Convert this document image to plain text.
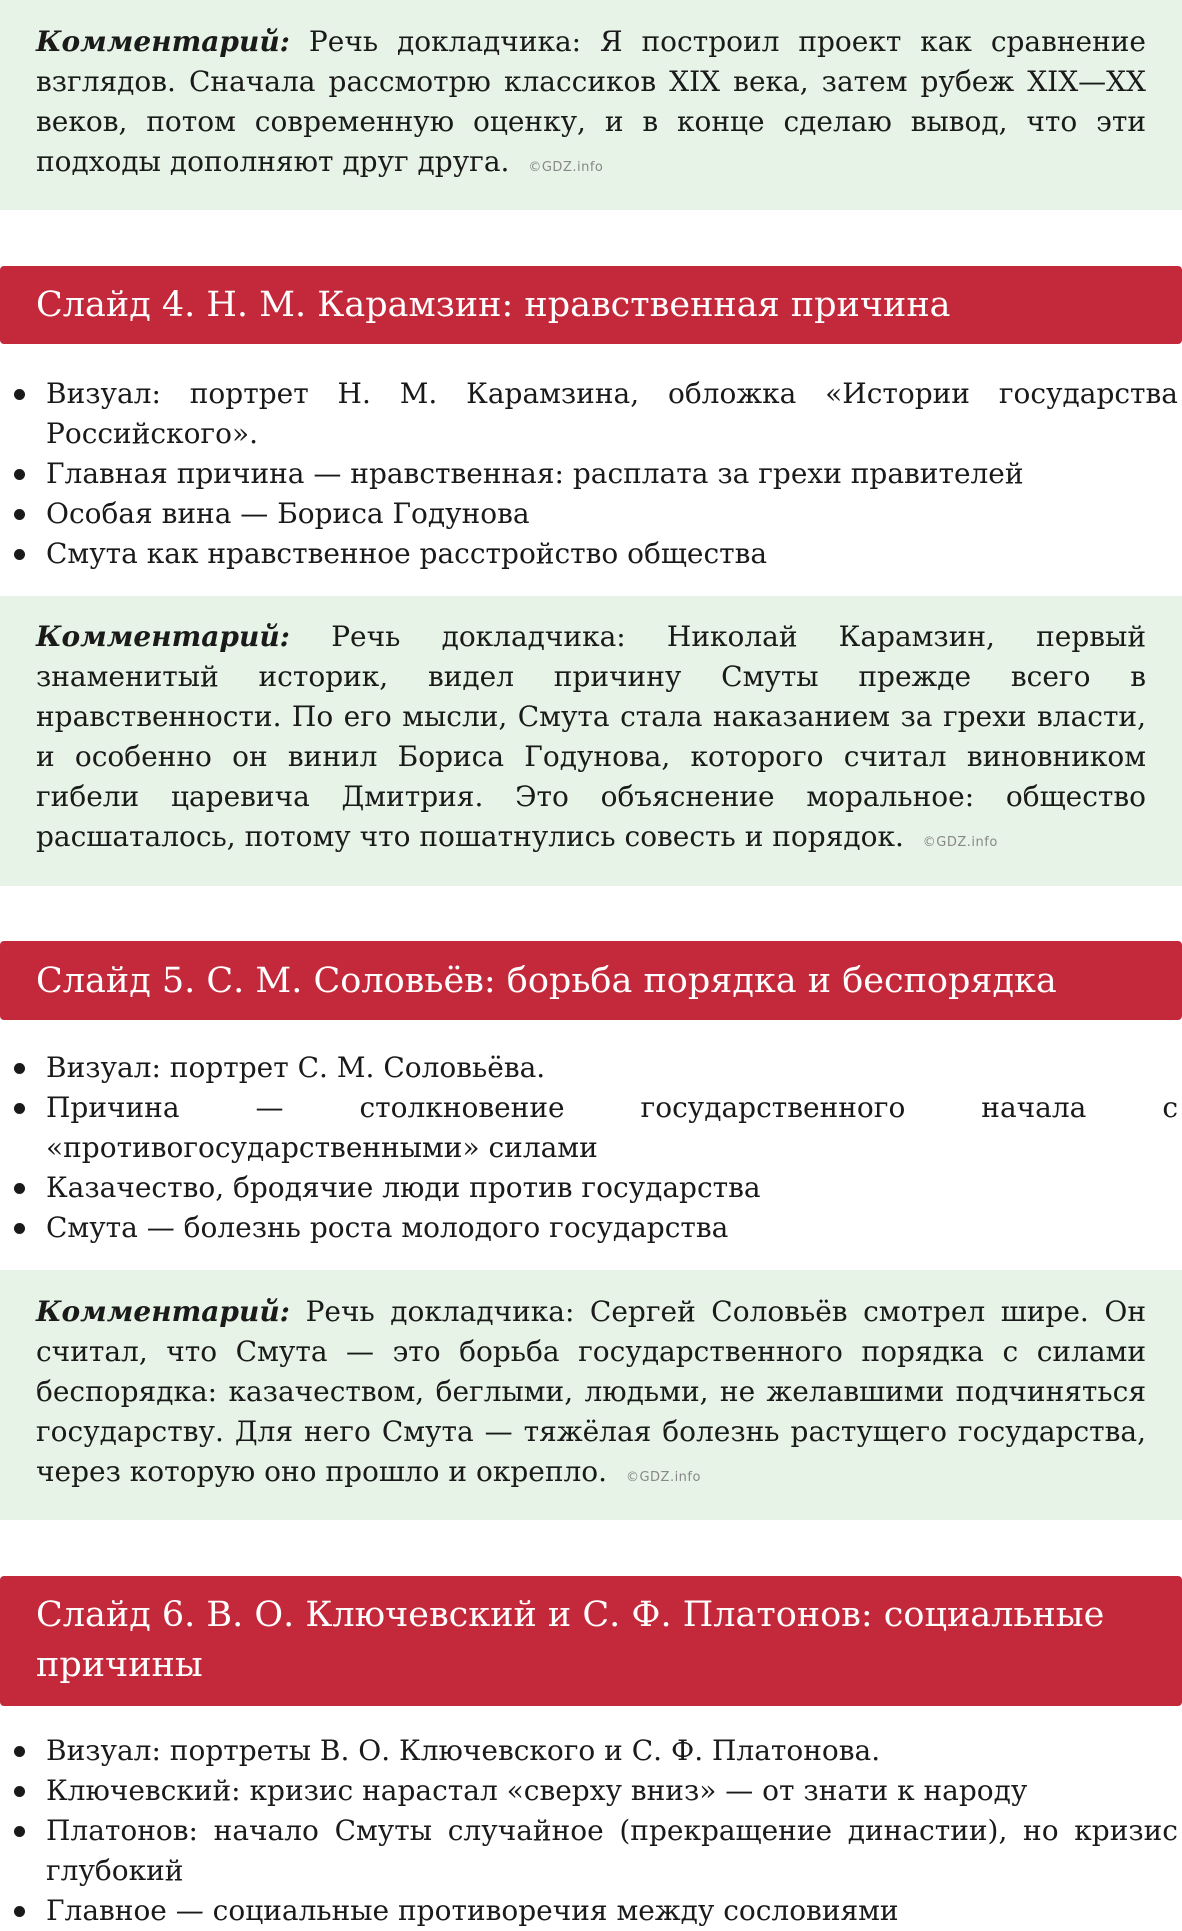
Комментарий: Речь докладчика: Я построил проект как сравнение взглядов. Сначала рассмотрю классиков XIX века, затем рубеж XIX—XX веков, потом современную оценку, и в конце сделаю вывод, что эти подходы дополняют друг друга. ©GDZ.info
Слайд 4. Н. М. Карамзин: нравственная причина
Визуал: портрет Н. М. Карамзина, обложка «Истории государства Российского».
Главная причина — нравственная: расплата за грехи правителей
Особая вина — Бориса Годунова
Смута как нравственное расстройство общества
Комментарий: Речь докладчика: Николай Карамзин, первый знаменитый историк, видел причину Смуты прежде всего в нравственности. По его мысли, Смута стала наказанием за грехи власти, и особенно он винил Бориса Годунова, которого считал виновником гибели царевича Дмитрия. Это объяснение моральное: общество расшаталось, потому что пошатнулись совесть и порядок. ©GDZ.info
Слайд 5. С. М. Соловьёв: борьба порядка и беспорядка
Визуал: портрет С. М. Соловьёва.
Причина — столкновение государственного начала с «противогосударственными» силами
Казачество, бродячие люди против государства
Смута — болезнь роста молодого государства
Комментарий: Речь докладчика: Сергей Соловьёв смотрел шире. Он считал, что Смута — это борьба государственного порядка с силами беспорядка: казачеством, беглыми, людьми, не желавшими подчиняться государству. Для него Смута — тяжёлая болезнь растущего государства, через которую оно прошло и окрепло. ©GDZ.info
Слайд 6. В. О. Ключевский и С. Ф. Платонов: социальные причины
Визуал: портреты В. О. Ключевского и С. Ф. Платонова.
Ключевский: кризис нарастал «сверху вниз» — от знати к народу
Платонов: начало Смуты случайное (прекращение династии), но кризис глубокий
Главное — социальные противоречия между сословиями
